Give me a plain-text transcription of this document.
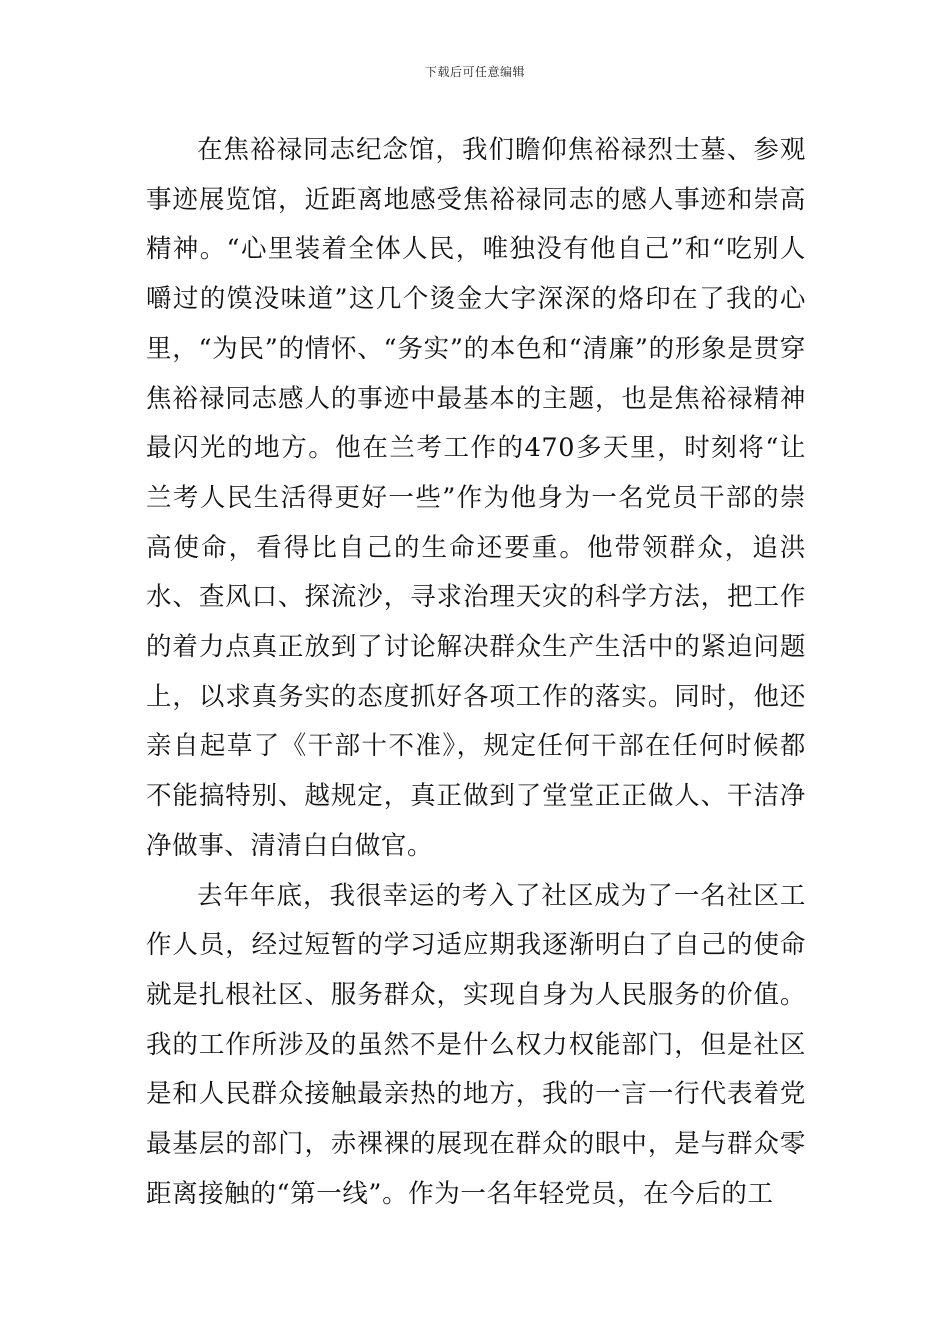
下载后可任意编辑

在焦裕禄同志纪念馆，我们瞻仰焦裕禄烈士墓、参观事迹展览馆，近距离地感受焦裕禄同志的感人事迹和崇高精神。“心里装着全体人民，唯独没有他自己”和“吃别人嚼过的馍没味道”这几个烫金大字深深的烙印在了我的心里，“为民”的情怀、“务实”的本色和“清廉”的形象是贯穿焦裕禄同志感人的事迹中最基本的主题，也是焦裕禄精神最闪光的地方。他在兰考工作的470多天里，时刻将“让兰考人民生活得更好一些”作为他身为一名党员干部的崇高使命，看得比自己的生命还要重。他带领群众，追洪水、查风口、探流沙，寻求治理天灾的科学方法，把工作的着力点真正放到了讨论解决群众生产生活中的紧迫问题上，以求真务实的态度抓好各项工作的落实。同时，他还亲自起草了《干部十不准》，规定任何干部在任何时候都不能搞特别、越规定，真正做到了堂堂正正做人、干洁净净做事、清清白白做官。

去年年底，我很幸运的考入了社区成为了一名社区工作人员，经过短暂的学习适应期我逐渐明白了自己的使命就是扎根社区、服务群众，实现自身为人民服务的价值。我的工作所涉及的虽然不是什么权力权能部门，但是社区是和人民群众接触最亲热的地方，我的一言一行代表着党最基层的部门，赤裸裸的展现在群众的眼中，是与群众零距离接触的“第一线”。作为一名年轻党员，在今后的工
